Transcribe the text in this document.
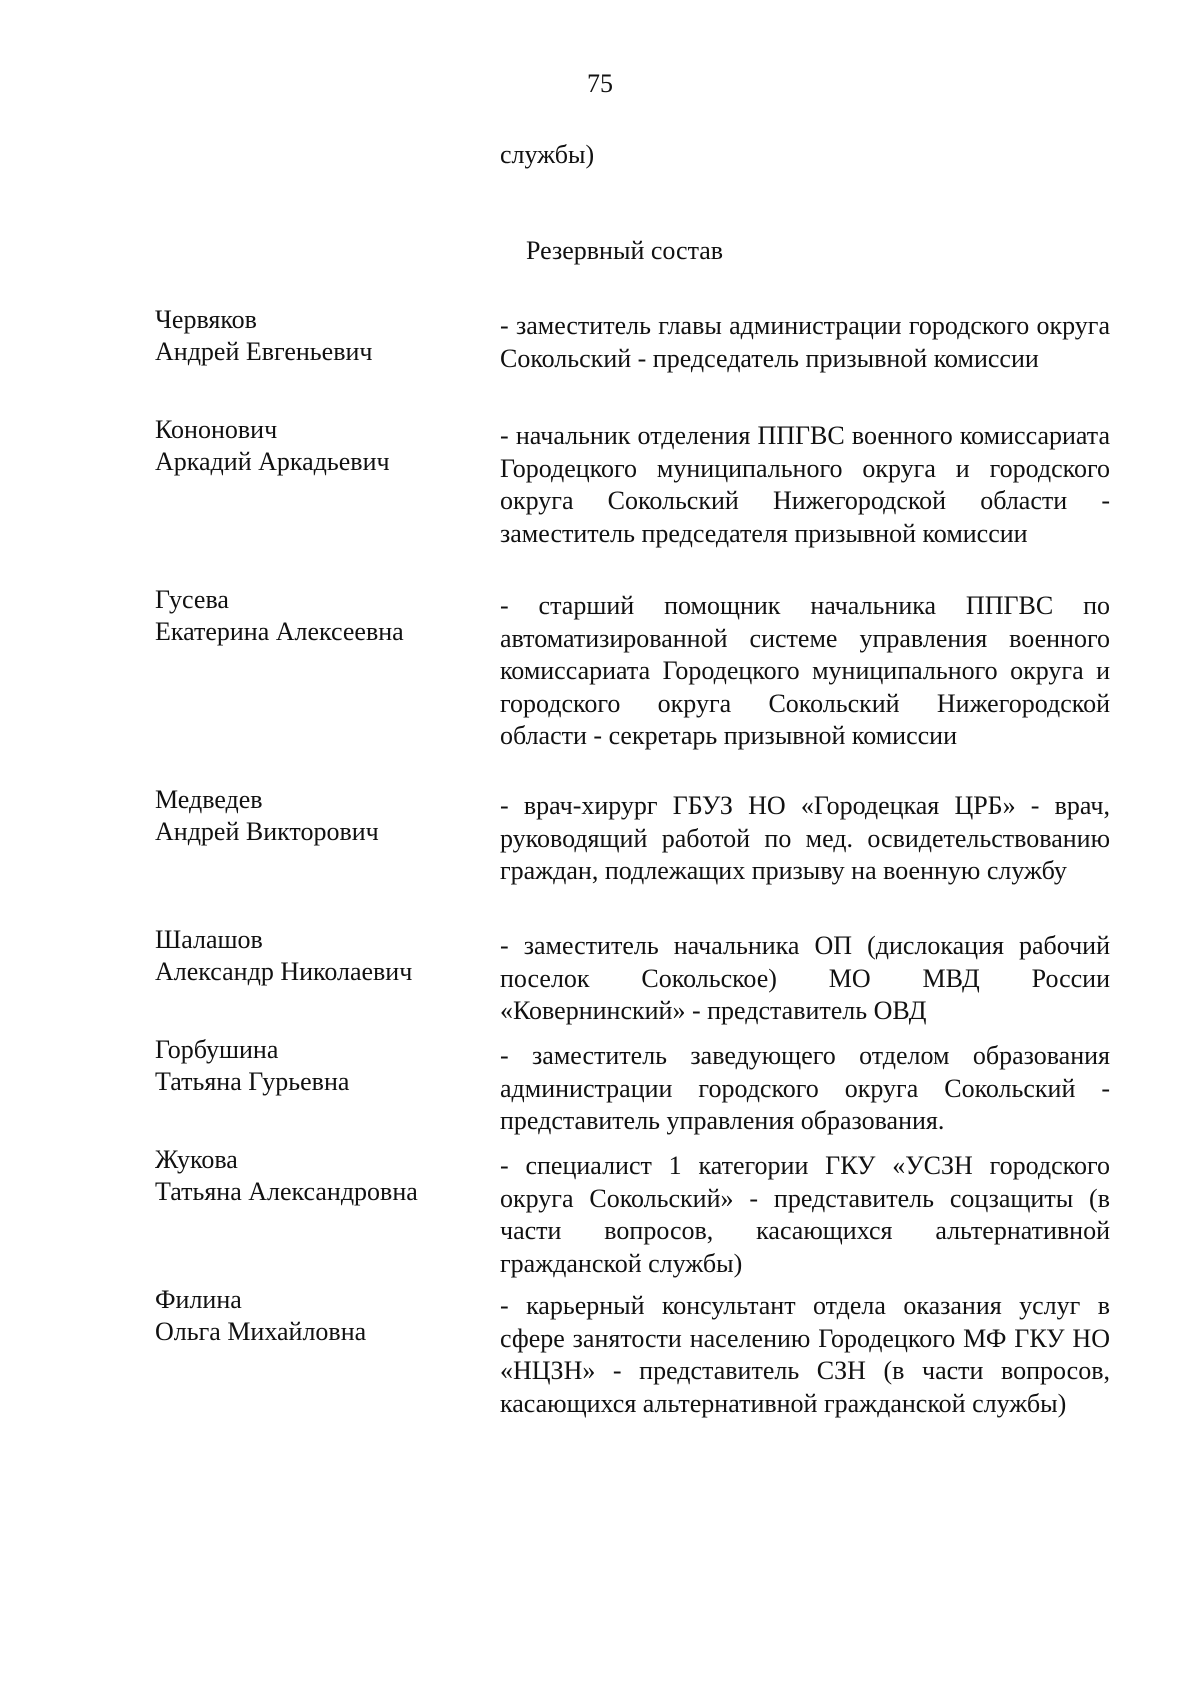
75
службы)
Резервный состав
Червяков
Андрей Евгеньевич
- заместитель главы администрации городского округа Сокольский - председатель призывной комиссии
Кононович
Аркадий Аркадьевич
- начальник отделения ППГВС военного комиссариата Городецкого муниципального округа и городского округа Сокольский Нижегородской области - заместитель председателя призывной комиссии
Гусева
Екатерина Алексеевна
- старший помощник начальника ППГВС по автоматизированной системе управления военного комиссариата Городецкого муниципального округа и городского округа Сокольский Нижегородской области - секретарь призывной комиссии
Медведев
Андрей Викторович
- врач-хирург ГБУЗ НО «Городецкая ЦРБ» - врач, руководящий работой по мед. освидетельствованию граждан, подлежащих призыву на военную службу
Шалашов
Александр Николаевич
- заместитель начальника ОП (дислокация рабочий поселок Сокольское) МО МВД России «Ковернинский» - представитель ОВД
Горбушина
Татьяна Гурьевна
- заместитель заведующего отделом образования администрации городского округа Сокольский - представитель управления образования.
Жукова
Татьяна Александровна
- специалист 1 категории ГКУ «УСЗН городского округа Сокольский» - представитель соцзащиты (в части вопросов, касающихся альтернативной гражданской службы)
Филина
Ольга Михайловна
- карьерный консультант отдела оказания услуг в сфере занятости населению Городецкого МФ ГКУ НО «НЦЗН» - представитель СЗН (в части вопросов, касающихся альтернативной гражданской службы)
